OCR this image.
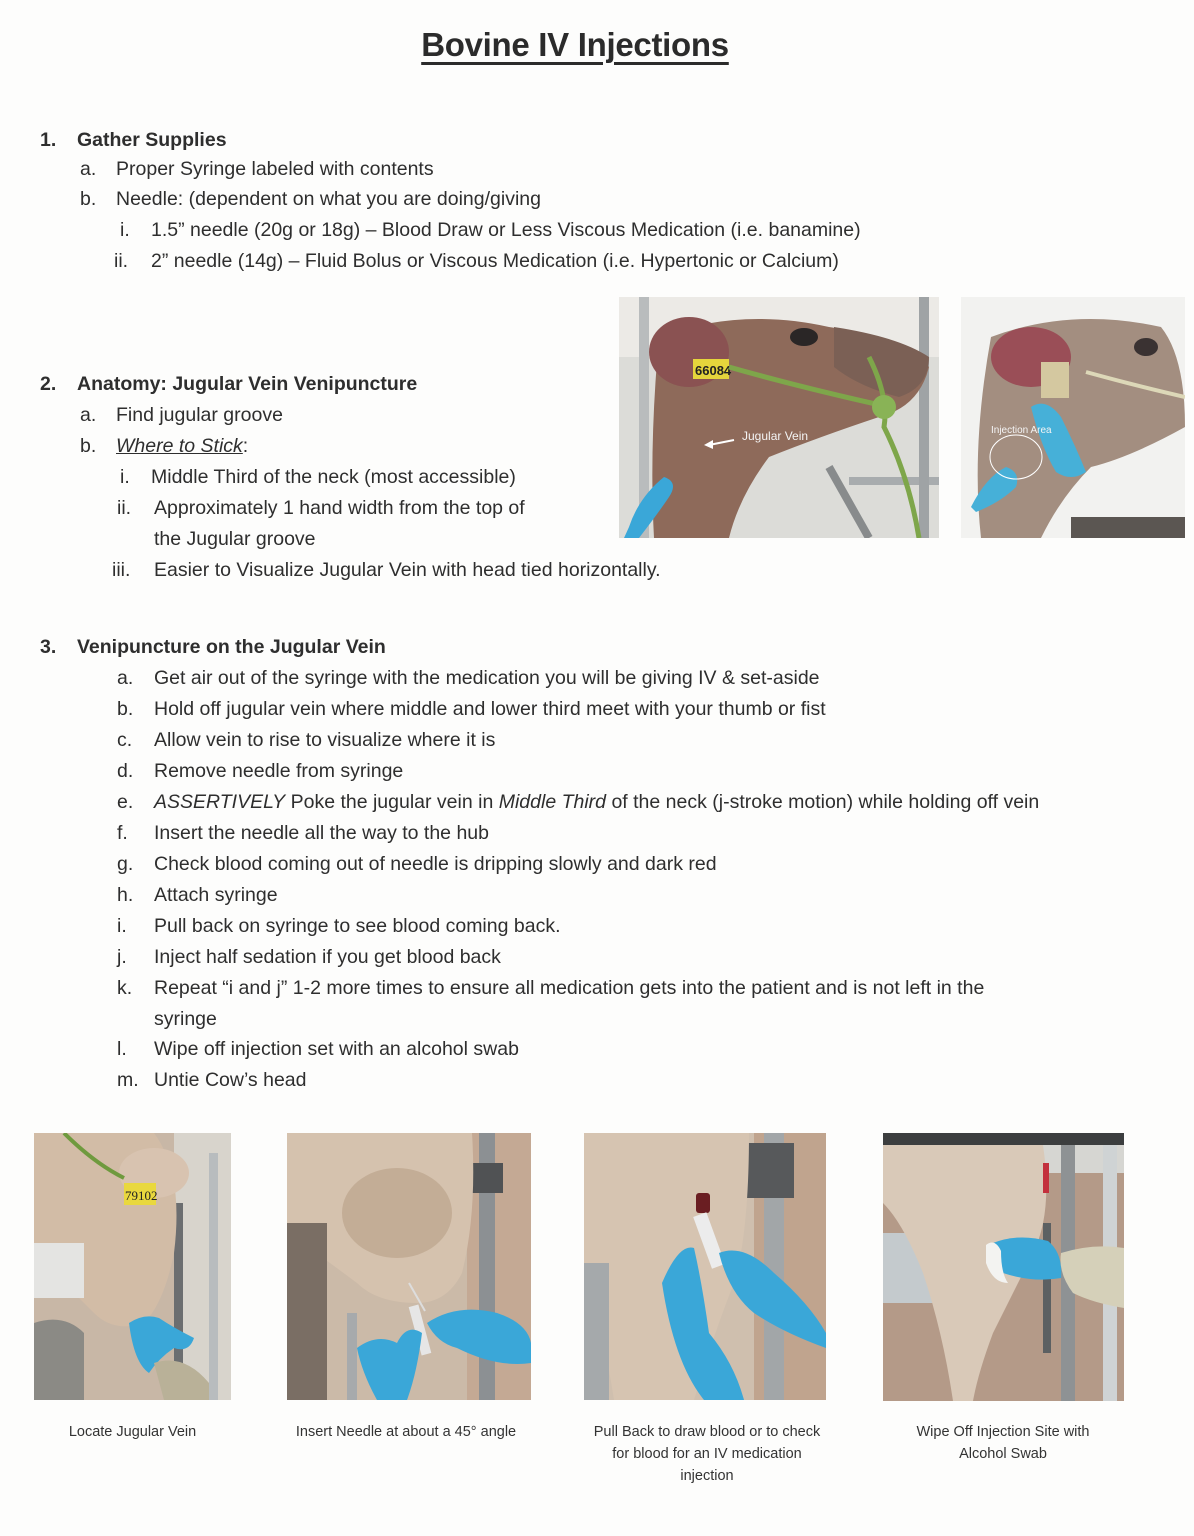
Bovine IV Injections
1. Gather Supplies
a. Proper Syringe labeled with contents
b. Needle: (dependent on what you are doing/giving
i. 1.5” needle (20g or 18g) – Blood Draw or Less Viscous Medication (i.e. banamine)
ii. 2” needle (14g) – Fluid Bolus or Viscous Medication (i.e. Hypertonic or Calcium)
2. Anatomy: Jugular Vein Venipuncture
a. Find jugular groove
b. Where to Stick:
i. Middle Third of the neck (most accessible)
ii. Approximately 1 hand width from the top of
the Jugular groove
iii. Easier to Visualize Jugular Vein with head tied horizontally.
66084
Jugular Vein	Injection Area
3. Venipuncture on the Jugular Vein
a. Get air out of the syringe with the medication you will be giving IV & set-aside
b. Hold off jugular vein where middle and lower third meet with your thumb or fist
c. Allow vein to rise to visualize where it is
d. Remove needle from syringe
e. ASSERTIVELY Poke the jugular vein in Middle Third of the neck (j-stroke motion) while holding off vein
f. Insert the needle all the way to the hub
g. Check blood coming out of needle is dripping slowly and dark red
h. Attach syringe
i. Pull back on syringe to see blood coming back.
j. Inject half sedation if you get blood back
k. Repeat “i and j” 1-2 more times to ensure all medication gets into the patient and is not left in the
syringe
l. Wipe off injection set with an alcohol swab
m. Untie Cow’s head
79102
Locate Jugular Vein	Insert Needle at about a 45° angle	Pull Back to draw blood or to check
for blood for an IV medication
injection
Wipe Off Injection Site with
Alcohol Swab
